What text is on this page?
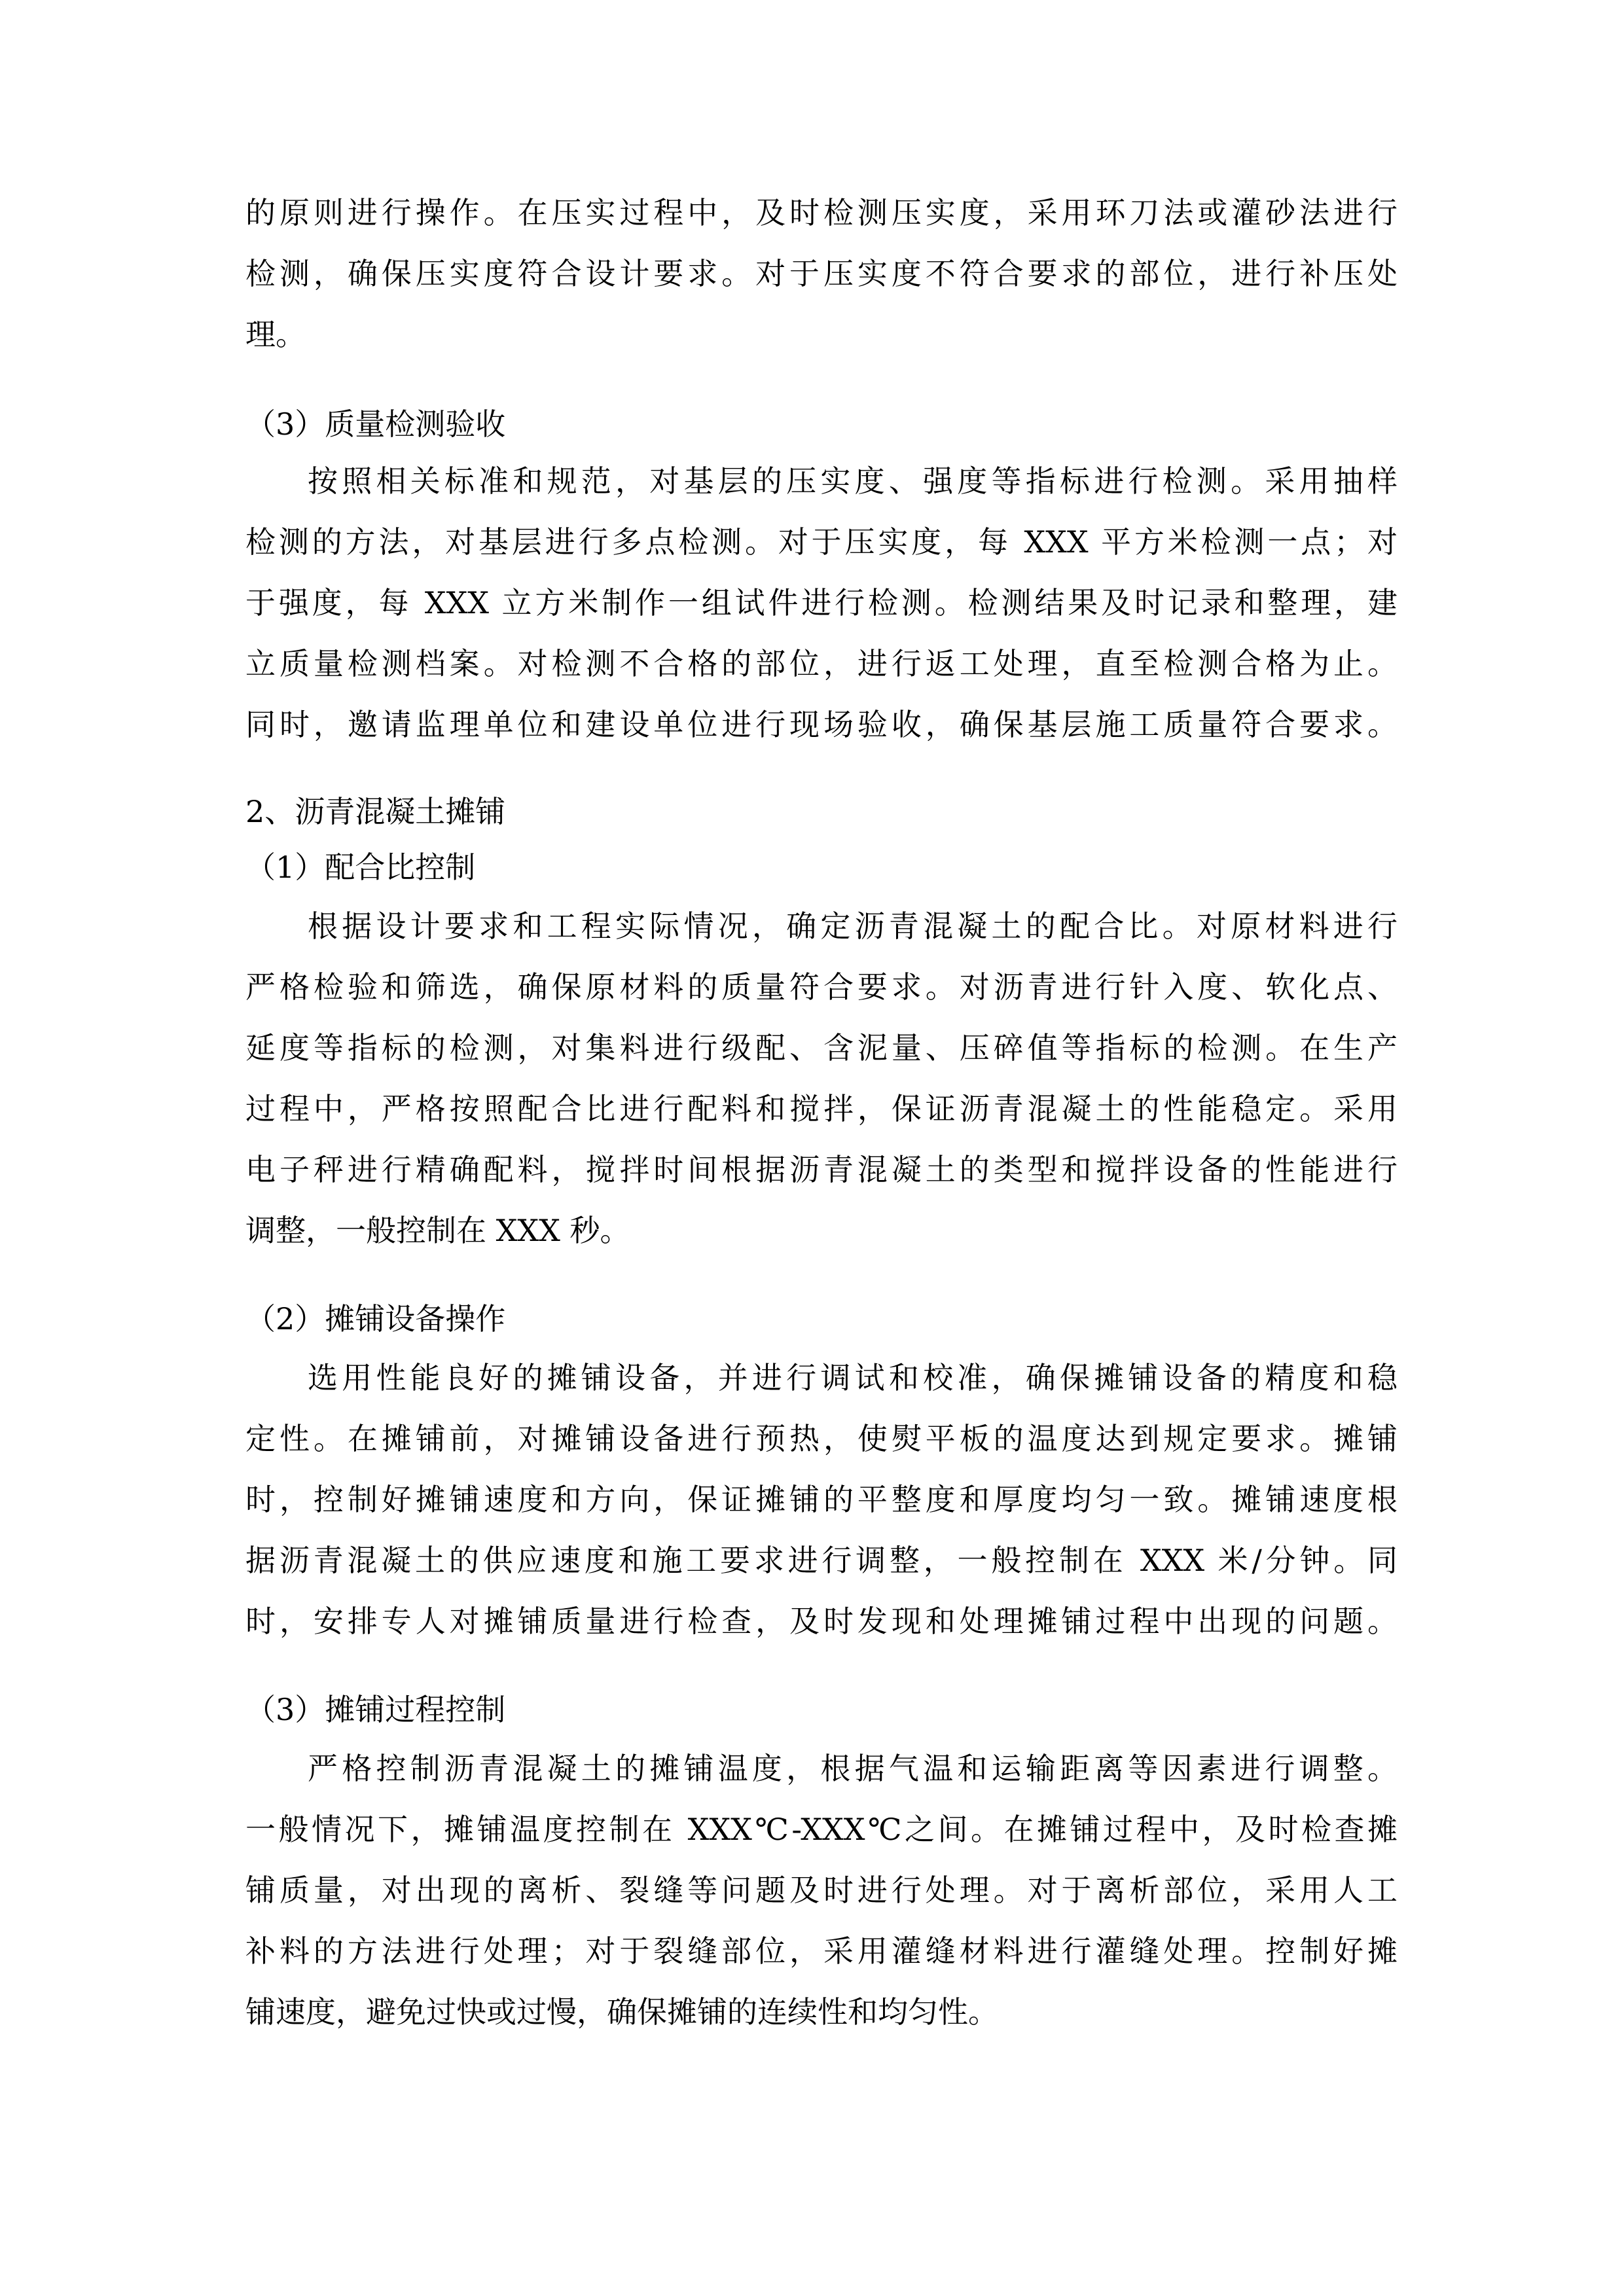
的原则进行操作。在压实过程中，及时检测压实度，采用环刀法或灌砂法进行
检测，确保压实度符合设计要求。对于压实度不符合要求的部位，进行补压处
理。
（3）质量检测验收
按照相关标准和规范，对基层的压实度、强度等指标进行检测。采用抽样
检测的方法，对基层进行多点检测。对于压实度，每 XXX 平方米检测一点；对
于强度，每 XXX 立方米制作一组试件进行检测。检测结果及时记录和整理，建
立质量检测档案。对检测不合格的部位，进行返工处理，直至检测合格为止。
同时，邀请监理单位和建设单位进行现场验收，确保基层施工质量符合要求。
2、沥青混凝土摊铺
（1）配合比控制
根据设计要求和工程实际情况，确定沥青混凝土的配合比。对原材料进行
严格检验和筛选，确保原材料的质量符合要求。对沥青进行针入度、软化点、
延度等指标的检测，对集料进行级配、含泥量、压碎值等指标的检测。在生产
过程中，严格按照配合比进行配料和搅拌，保证沥青混凝土的性能稳定。采用
电子秤进行精确配料，搅拌时间根据沥青混凝土的类型和搅拌设备的性能进行
调整，一般控制在 XXX 秒。
（2）摊铺设备操作
选用性能良好的摊铺设备，并进行调试和校准，确保摊铺设备的精度和稳
定性。在摊铺前，对摊铺设备进行预热，使熨平板的温度达到规定要求。摊铺
时，控制好摊铺速度和方向，保证摊铺的平整度和厚度均匀一致。摊铺速度根
据沥青混凝土的供应速度和施工要求进行调整，一般控制在 XXX 米/分钟。同
时，安排专人对摊铺质量进行检查，及时发现和处理摊铺过程中出现的问题。
（3）摊铺过程控制
严格控制沥青混凝土的摊铺温度，根据气温和运输距离等因素进行调整。
一般情况下，摊铺温度控制在 XXX℃-XXX℃之间。在摊铺过程中，及时检查摊
铺质量，对出现的离析、裂缝等问题及时进行处理。对于离析部位，采用人工
补料的方法进行处理；对于裂缝部位，采用灌缝材料进行灌缝处理。控制好摊
铺速度，避免过快或过慢，确保摊铺的连续性和均匀性。
